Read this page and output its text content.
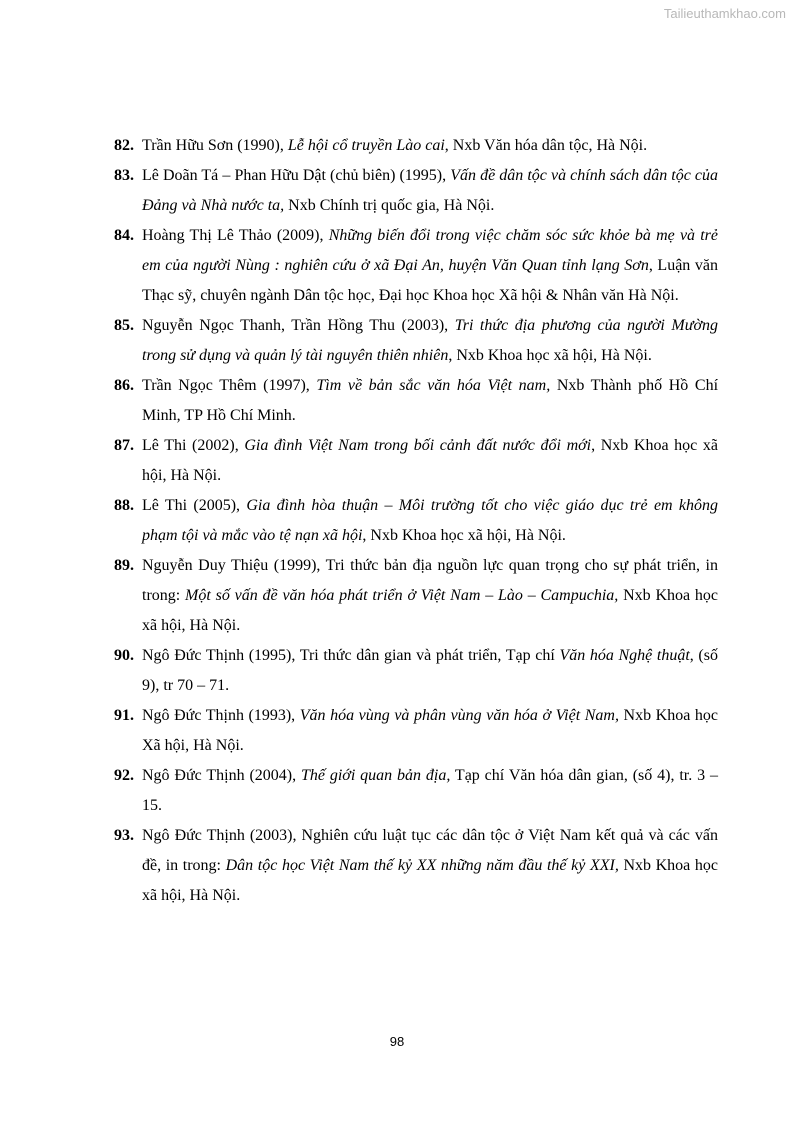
Tailieuthamkhao.com
82. Trần Hữu Sơn (1990), Lễ hội cổ truyền Lào cai, Nxb Văn hóa dân tộc, Hà Nội.
83. Lê Doãn Tá – Phan Hữu Dật (chủ biên) (1995), Vấn đề dân tộc và chính sách dân tộc của Đảng và Nhà nước ta, Nxb Chính trị quốc gia, Hà Nội.
84. Hoàng Thị Lê Thảo (2009), Những biến đổi trong việc chăm sóc sức khỏe bà mẹ và trẻ em của người Nùng : nghiên cứu ở xã Đại An, huyện Văn Quan tỉnh lạng Sơn, Luận văn Thạc sỹ, chuyên ngành Dân tộc học, Đại học Khoa học Xã hội & Nhân văn Hà Nội.
85. Nguyễn Ngọc Thanh, Trần Hồng Thu (2003), Tri thức địa phương của người Mường trong sử dụng và quản lý tài nguyên thiên nhiên, Nxb Khoa học xã hội, Hà Nội.
86. Trần Ngọc Thêm (1997), Tìm về bản sắc văn hóa Việt nam, Nxb Thành phố Hồ Chí Minh, TP Hồ Chí Minh.
87. Lê Thi (2002), Gia đình Việt Nam trong bối cảnh đất nước đổi mới, Nxb Khoa học xã hội, Hà Nội.
88. Lê Thi (2005), Gia đình hòa thuận – Môi trường tốt cho việc giáo dục trẻ em không phạm tội và mắc vào tệ nạn xã hội, Nxb Khoa học xã hội, Hà Nội.
89. Nguyễn Duy Thiệu (1999), Tri thức bản địa nguồn lực quan trọng cho sự phát triển, in trong: Một số vấn đề văn hóa phát triển ở Việt Nam – Lào – Campuchia, Nxb Khoa học xã hội, Hà Nội.
90. Ngô Đức Thịnh (1995), Tri thức dân gian và phát triển, Tạp chí Văn hóa Nghệ thuật, (số 9), tr 70 – 71.
91. Ngô Đức Thịnh (1993), Văn hóa vùng và phân vùng văn hóa ở Việt Nam, Nxb Khoa học Xã hội, Hà Nội.
92. Ngô Đức Thịnh (2004), Thế giới quan bản địa, Tạp chí Văn hóa dân gian, (số 4), tr. 3 – 15.
93. Ngô Đức Thịnh (2003), Nghiên cứu luật tục các dân tộc ở Việt Nam kết quả và các vấn đề, in trong: Dân tộc học Việt Nam thế kỷ XX những năm đầu thế kỷ XXI, Nxb Khoa học xã hội, Hà Nội.
98
